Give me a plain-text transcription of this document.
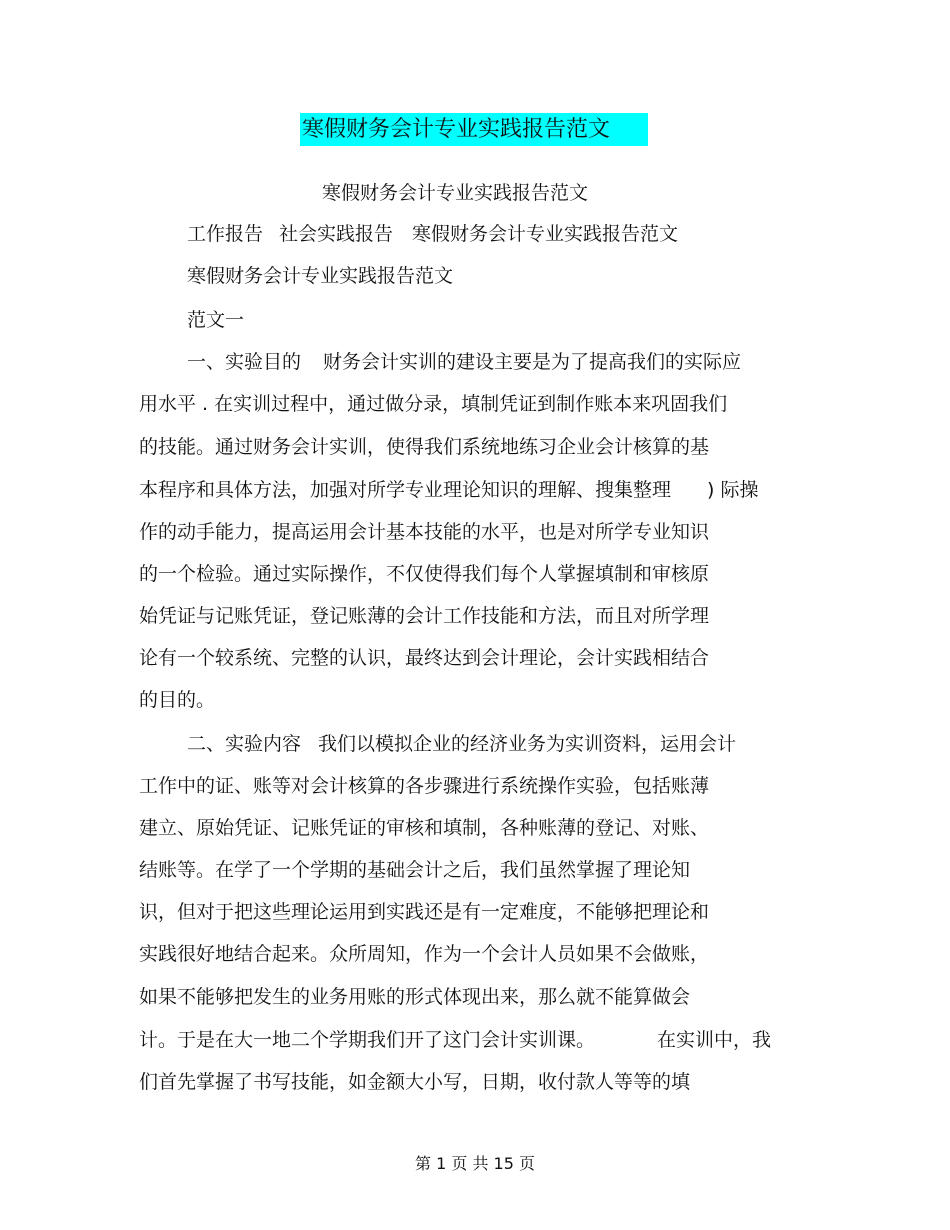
寒假财务会计专业实践报告范文
寒假财务会计专业实践报告范文
工作报告 社会实践报告 寒假财务会计专业实践报告范文
寒假财务会计专业实践报告范文
范文一
一、实验目的 财务会计实训的建设主要是为了提高我们的实际应
用水平 . 在实训过程中，通过做分录，填制凭证到制作账本来巩固我们
的技能。通过财务会计实训，使得我们系统地练习企业会计核算的基
本程序和具体方法，加强对所学专业理论知识的理解、搜集整理 ) 际操
作的动手能力，提高运用会计基本技能的水平，也是对所学专业知识
的一个检验。通过实际操作，不仅使得我们每个人掌握填制和审核原
始凭证与记账凭证，登记账薄的会计工作技能和方法，而且对所学理
论有一个较系统、完整的认识，最终达到会计理论，会计实践相结合
的目的。
二、实验内容 我们以模拟企业的经济业务为实训资料，运用会计
工作中的证、账等对会计核算的各步骤进行系统操作实验，包括账薄
建立、原始凭证、记账凭证的审核和填制，各种账薄的登记、对账、
结账等。在学了一个学期的基础会计之后，我们虽然掌握了理论知
识，但对于把这些理论运用到实践还是有一定难度，不能够把理论和
实践很好地结合起来。众所周知，作为一个会计人员如果不会做账，
如果不能够把发生的业务用账的形式体现出来，那么就不能算做会
计。于是在大一地二个学期我们开了这门会计实训课。	在实训中，我
们首先掌握了书写技能，如金额大小写，日期，收付款人等等的填
第 1 页 共 15 页
